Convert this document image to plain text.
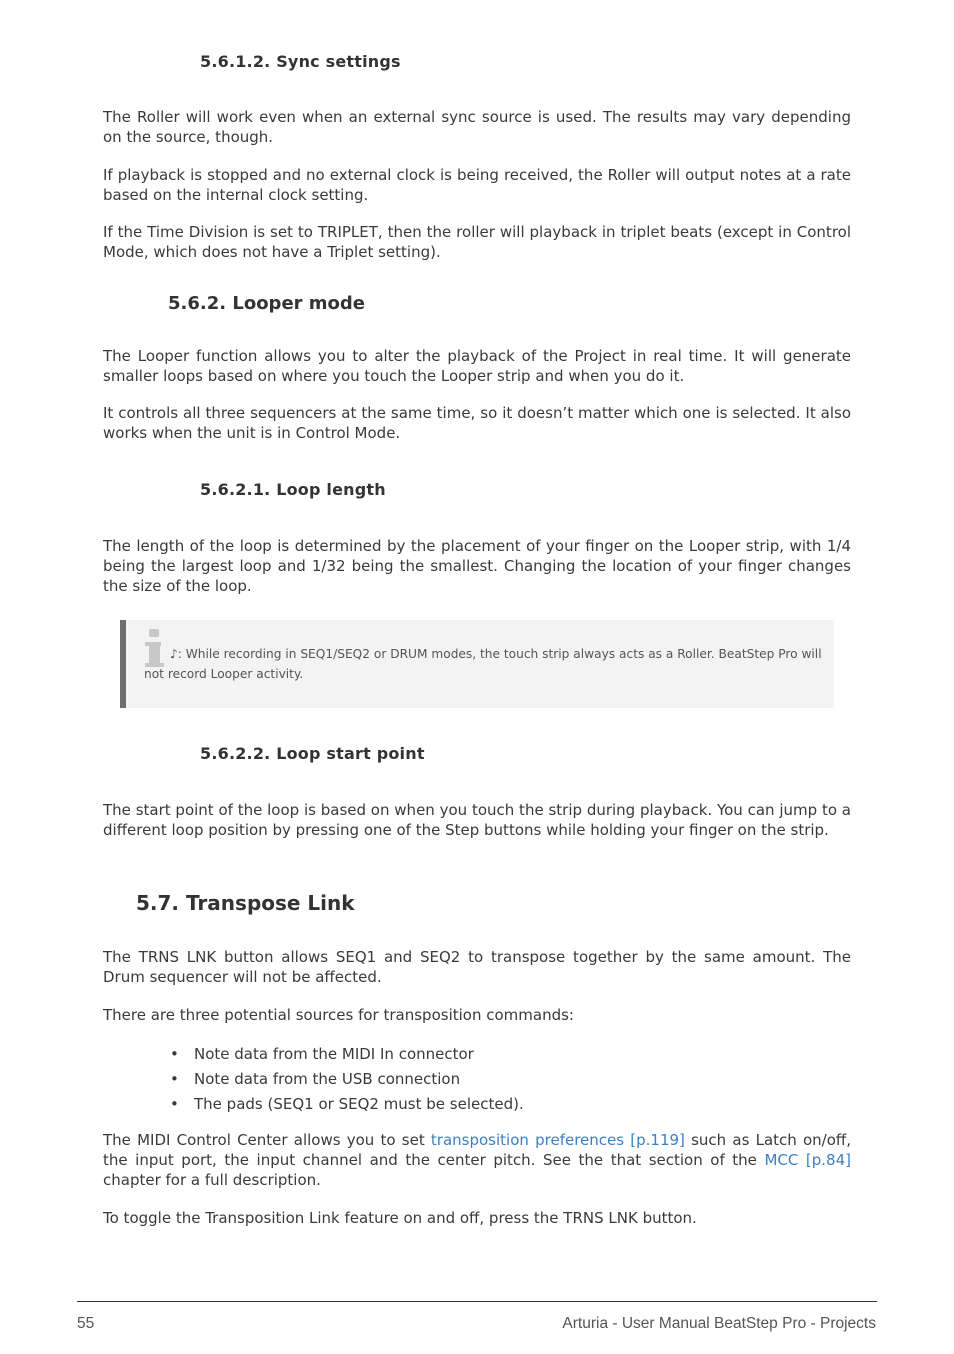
5.6.1.2. Sync settings

The Roller will work even when an external sync source is used. The results may vary depending on the source, though.

If playback is stopped and no external clock is being received, the Roller will output notes at a rate based on the internal clock setting.

If the Time Division is set to TRIPLET, then the roller will playback in triplet beats (except in Control Mode, which does not have a Triplet setting).

5.6.2. Looper mode

The Looper function allows you to alter the playback of the Project in real time. It will generate smaller loops based on where you touch the Looper strip and when you do it.

It controls all three sequencers at the same time, so it doesn’t matter which one is selected. It also works when the unit is in Control Mode.

5.6.2.1. Loop length

The length of the loop is determined by the placement of your finger on the Looper strip, with 1/4 being the largest loop and 1/32 being the smallest. Changing the location of your finger changes the size of the loop.

♪: While recording in SEQ1/SEQ2 or DRUM modes, the touch strip always acts as a Roller. BeatStep Pro will not record Looper activity.

5.6.2.2. Loop start point

The start point of the loop is based on when you touch the strip during playback. You can jump to a different loop position by pressing one of the Step buttons while holding your finger on the strip.

5.7. Transpose Link

The TRNS LNK button allows SEQ1 and SEQ2 to transpose together by the same amount. The Drum sequencer will not be affected.

There are three potential sources for transposition commands:

• Note data from the MIDI In connector
• Note data from the USB connection
• The pads (SEQ1 or SEQ2 must be selected).

The MIDI Control Center allows you to set transposition preferences [p.119] such as Latch on/off, the input port, the input channel and the center pitch. See the that section of the MCC [p.84] chapter for a full description.

To toggle the Transposition Link feature on and off, press the TRNS LNK button.

55	Arturia - User Manual BeatStep Pro - Projects
